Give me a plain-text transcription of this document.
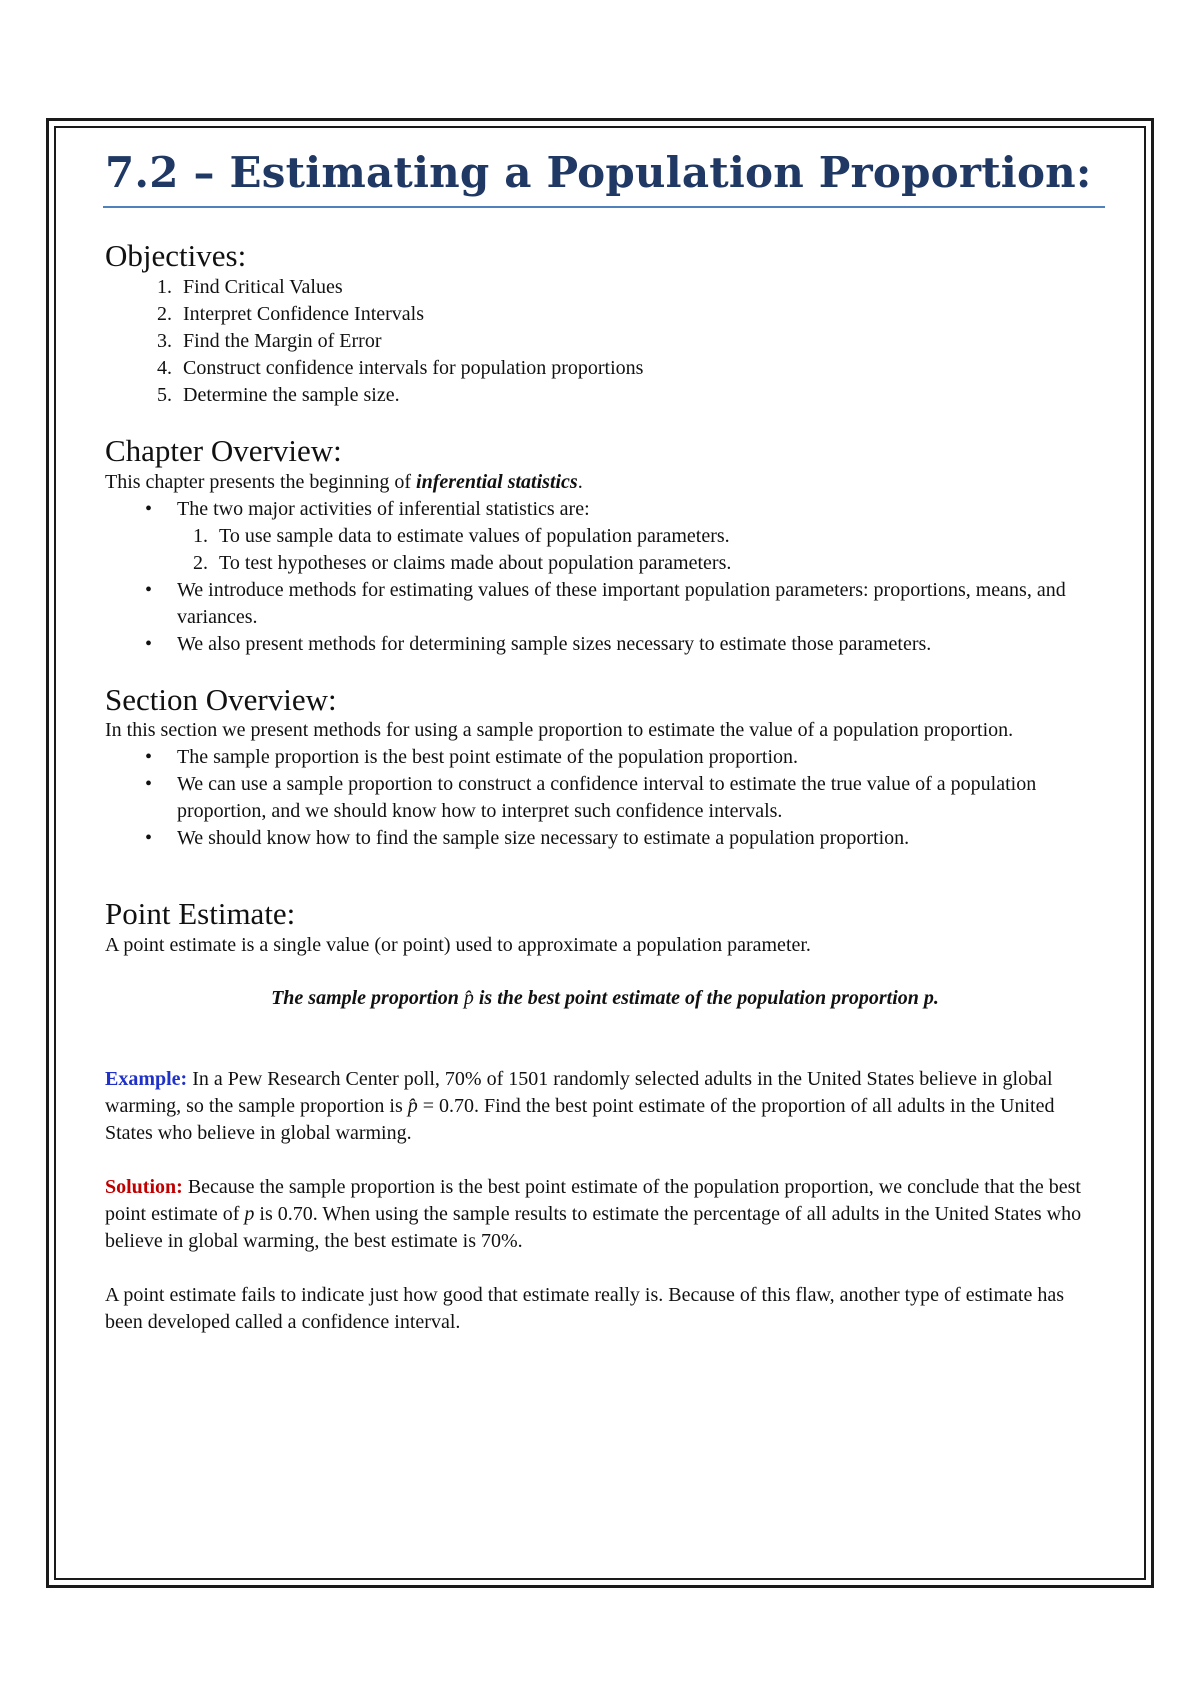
7.2 – Estimating a Population Proportion:
Objectives:
1. Find Critical Values
2. Interpret Confidence Intervals
3. Find the Margin of Error
4. Construct confidence intervals for population proportions
5. Determine the sample size.
Chapter Overview:

This chapter presents the beginning of inferential statistics.

• The two major activities of inferential statistics are:
1. To use sample data to estimate values of population parameters.
2. To test hypotheses or claims made about population parameters.
• We introduce methods for estimating values of these important population parameters: proportions, means, and variances.
• We also present methods for determining sample sizes necessary to estimate those parameters.
Section Overview:

In this section we present methods for using a sample proportion to estimate the value of a population proportion.

• The sample proportion is the best point estimate of the population proportion.
• We can use a sample proportion to construct a confidence interval to estimate the true value of a population proportion, and we should know how to interpret such confidence intervals.
• We should know how to find the sample size necessary to estimate a population proportion.
Point Estimate:

A point estimate is a single value (or point) used to approximate a population parameter.

The sample proportion p̂ is the best point estimate of the population proportion p.

Example: In a Pew Research Center poll, 70% of 1501 randomly selected adults in the United States believe in global warming, so the sample proportion is p̂ = 0.70. Find the best point estimate of the proportion of all adults in the United States who believe in global warming.

Solution: Because the sample proportion is the best point estimate of the population proportion, we conclude that the best point estimate of p is 0.70. When using the sample results to estimate the percentage of all adults in the United States who believe in global warming, the best estimate is 70%.

A point estimate fails to indicate just how good that estimate really is. Because of this flaw, another type of estimate has been developed called a confidence interval.
